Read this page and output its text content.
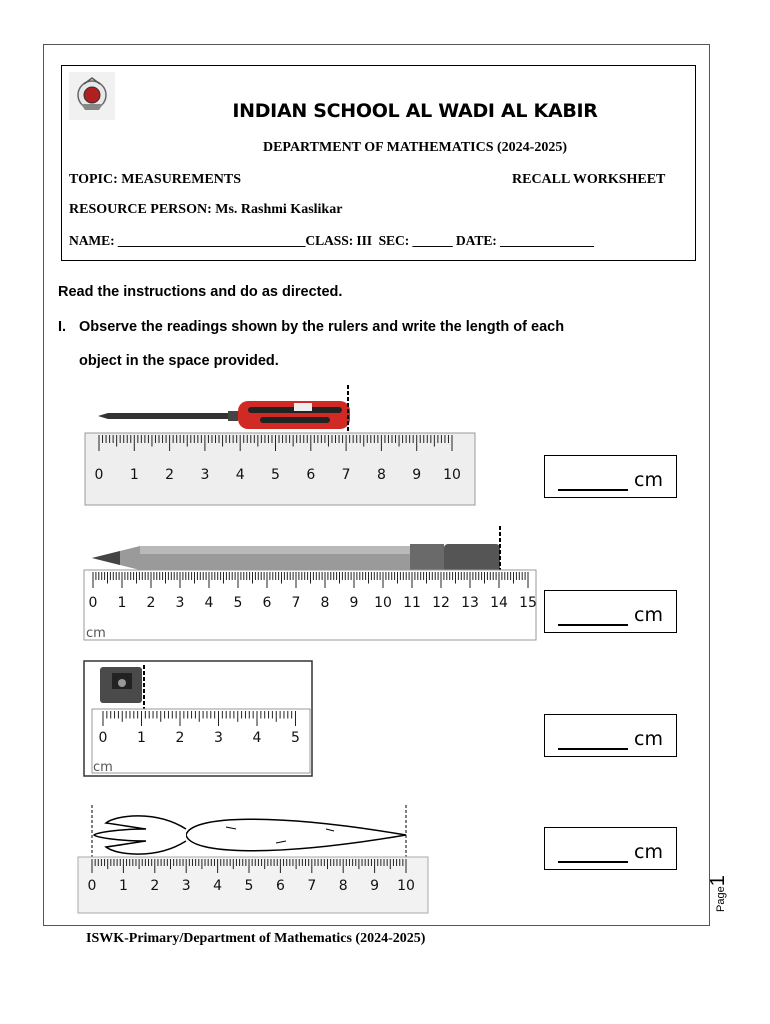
INDIAN SCHOOL AL WADI AL KABIR
DEPARTMENT OF MATHEMATICS (2024-2025)
TOPIC: MEASUREMENTS	RECALL WORKSHEET
RESOURCE PERSON: Ms. Rashmi Kaslikar
NAME: ____________________________CLASS: III  SEC: ______ DATE: ______________
Read the instructions and do as directed.
I. Observe the readings shown by the rulers and write the length of each
object in the space provided.
0 1 2 3 4 5 6 7 8 9 10	cm
0 1 2 3 4 5 6 7 8 9 10 11 12 13 14 15
cm
cm
0 1 2 3 4 5
cm
cm
0 1 2 3 4 5 6 7 8 9 10
cm
ISWK-Primary/Department of Mathematics (2024-2025)
Page1
